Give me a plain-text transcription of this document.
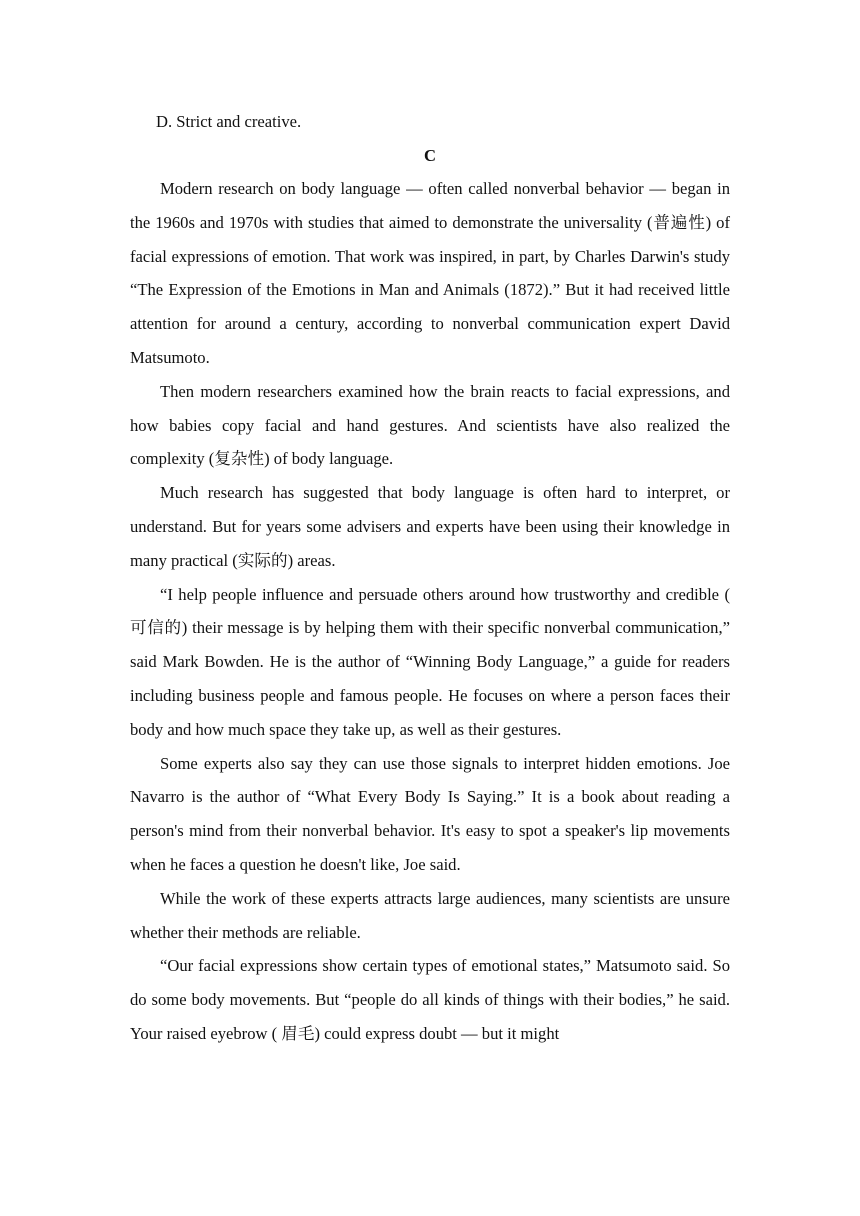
D. Strict and creative.

C

Modern research on body language — often called nonverbal behavior — began in the 1960s and 1970s with studies that aimed to demonstrate the universality (普遍性) of facial expressions of emotion. That work was inspired, in part, by Charles Darwin's study “The Expression of the Emotions in Man and Animals (1872).” But it had received little attention for around a century, according to nonverbal communication expert David Matsumoto.

Then modern researchers examined how the brain reacts to facial expressions, and how babies copy facial and hand gestures. And scientists have also realized the complexity (复杂性) of body language.

Much research has suggested that body language is often hard to interpret, or understand. But for years some advisers and experts have been using their knowledge in many practical (实际的) areas.

“I help people influence and persuade others around how trustworthy and credible ( 可信的) their message is by helping them with their specific nonverbal communication,” said Mark Bowden. He is the author of “Winning Body Language,” a guide for readers including business people and famous people. He focuses on where a person faces their body and how much space they take up, as well as their gestures.

Some experts also say they can use those signals to interpret hidden emotions. Joe Navarro is the author of “What Every Body Is Saying.” It is a book about reading a person's mind from their nonverbal behavior. It's easy to spot a speaker's lip movements when he faces a question he doesn't like, Joe said.

While the work of these experts attracts large audiences, many scientists are unsure whether their methods are reliable.

“Our facial expressions show certain types of emotional states,” Matsumoto said. So do some body movements. But “people do all kinds of things with their bodies,” he said. Your raised eyebrow ( 眉毛) could express doubt — but it might
